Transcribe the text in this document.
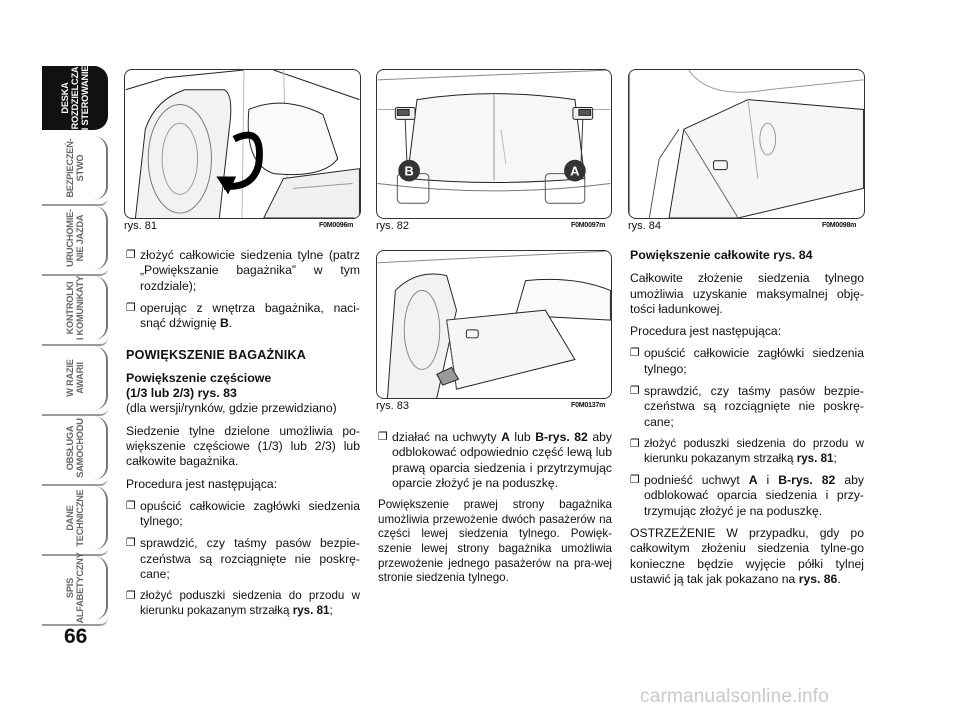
DESKA
ROZDZIELCZA
I STEROWANIE
BEZPIECZEŃ-
STWO
URUCHOMIE-
NIE JAZDA
KONTROLKI
I KOMUNIKATY
W RAZIE
AWARII
OBSŁUGA
SAMOCHODU
DANE
TECHNICZNE
SPIS
ALFABETYCZNY
66
rys. 81	F0M0096m
B	A
rys. 82	F0M0097m
rys. 83	F0M0137m
rys. 84	F0M0098m
❐ złożyć całkowicie siedzenia tylne (patrz „Powiększanie bagażnika” w tym rozdziale);
❐ operując z wnętrza bagażnika, naci-snąć dźwignię B.
POWIĘKSZENIE BAGAŻNIKA
Powiększenie częściowe
(1/3 lub 2/3) rys. 83

(dla wersji/rynków, gdzie przewidziano)

Siedzenie tylne dzielone umożliwia po-większenie częściowe (1/3) lub 2/3) lub całkowite bagażnika.

Procedura jest następująca:

❐ opuścić całkowicie zagłówki siedzenia tylnego;
❐ sprawdzić, czy taśmy pasów bezpie-czeństwa są rozciągnięte nie poskrę-cane;
❐ złożyć poduszki siedzenia do przodu w kierunku pokazanym strzałką rys. 81;
❐ działać na uchwyty A lub B-rys. 82 aby odblokować odpowiednio część lewą lub prawą oparcia siedzenia i przytrzymując oparcie złożyć je na poduszkę.

Powiększenie prawej strony bagażnika umożliwia przewożenie dwóch pasażerów na części lewej siedzenia tylnego. Powięk-szenie lewej strony bagażnika umożliwia przewożenie jednego pasażerów na pra-wej stronie siedzenia tylnego.

Powiększenie całkowite rys. 84

Całkowite złożenie siedzenia tylnego umożliwia uzyskanie maksymalnej obję-tości ładunkowej.

Procedura jest następująca:

❐ opuścić całkowicie zagłówki siedzenia tylnego;
❐ sprawdzić, czy taśmy pasów bezpie-czeństwa są rozciągnięte nie poskrę-cane;
❐ złożyć poduszki siedzenia do przodu w kierunku pokazanym strzałką rys. 81;
❐ podnieść uchwyt A i B-rys. 82 aby odblokować oparcia siedzenia i przy-trzymując złożyć je na poduszkę.

OSTRZEŻENIE W przypadku, gdy po całkowitym złożeniu siedzenia tylne-go konieczne będzie wyjęcie półki tylnej ustawić ją tak jak pokazano na rys. 86.

carmanualsonline.info
